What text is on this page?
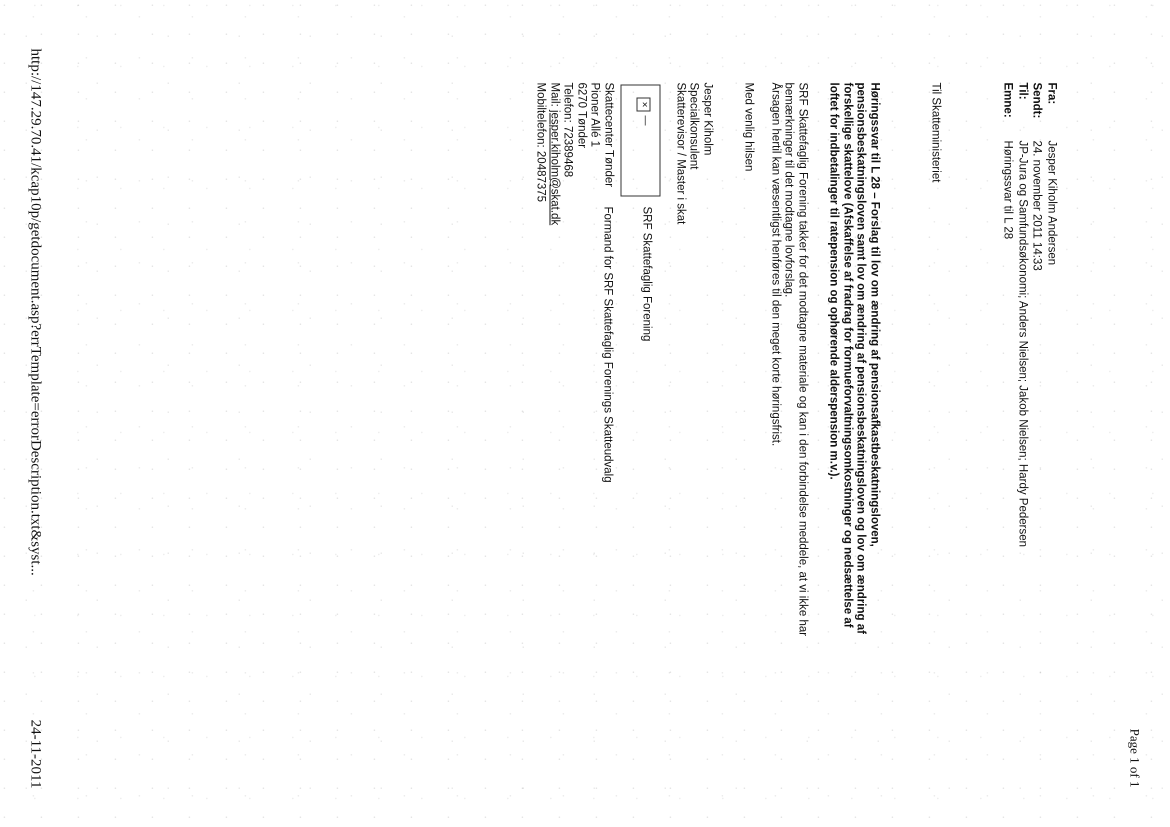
Page 1 of 1
Fra:
Jesper Kiholm Andersen
Sendt:
24. november 2011 14:33
Til:
JP-Jura og Samfundsøkonomi; Anders Nielsen; Jakob Nielsen; Hardy Pedersen
Emne:
Høringssvar til L 28
Til Skatteministeriet
Høringssvar til L 28 – Forslag til lov om ændring af pensionsafkastbeskatningsloven,
pensionsbeskatningsloven samt lov om ændring af pensionsbeskatningsloven og lov om ændring af
forskellige skattelove (Afskaffelse af fradrag for formueforvaltningsomkostninger og nedsættelse af
loftet for indbetalinger til ratepension og ophørende alderspension m.v.).
SRF Skattefaglig Forening takker for det modtagne materiale og kan i den forbindelse meddele, at vi ikke har
bemærkninger til det modtagne lovforslag.
Årsagen hertil kan væsentligst henføres til den meget korte høringsfrist.
Med venlig hilsen
Jesper Kiholm
Specialkonsulent
Skatterevisor / Master i skat
×
—
SRF Skattefaglig Forening
Formand for SRF Skattefaglig Forenings Skatteudvalg
Skattecenter Tønder
Pioner Allé 1
6270 Tønder
Telefon: 72389468
Mail: jesper.kiholm@skat.dk
Mobiltelefon: 20487375
http://147.29.70.41/kcap10p/getdocument.asp?errTemplate=errorDescription.txt&syst...
24-11-2011
